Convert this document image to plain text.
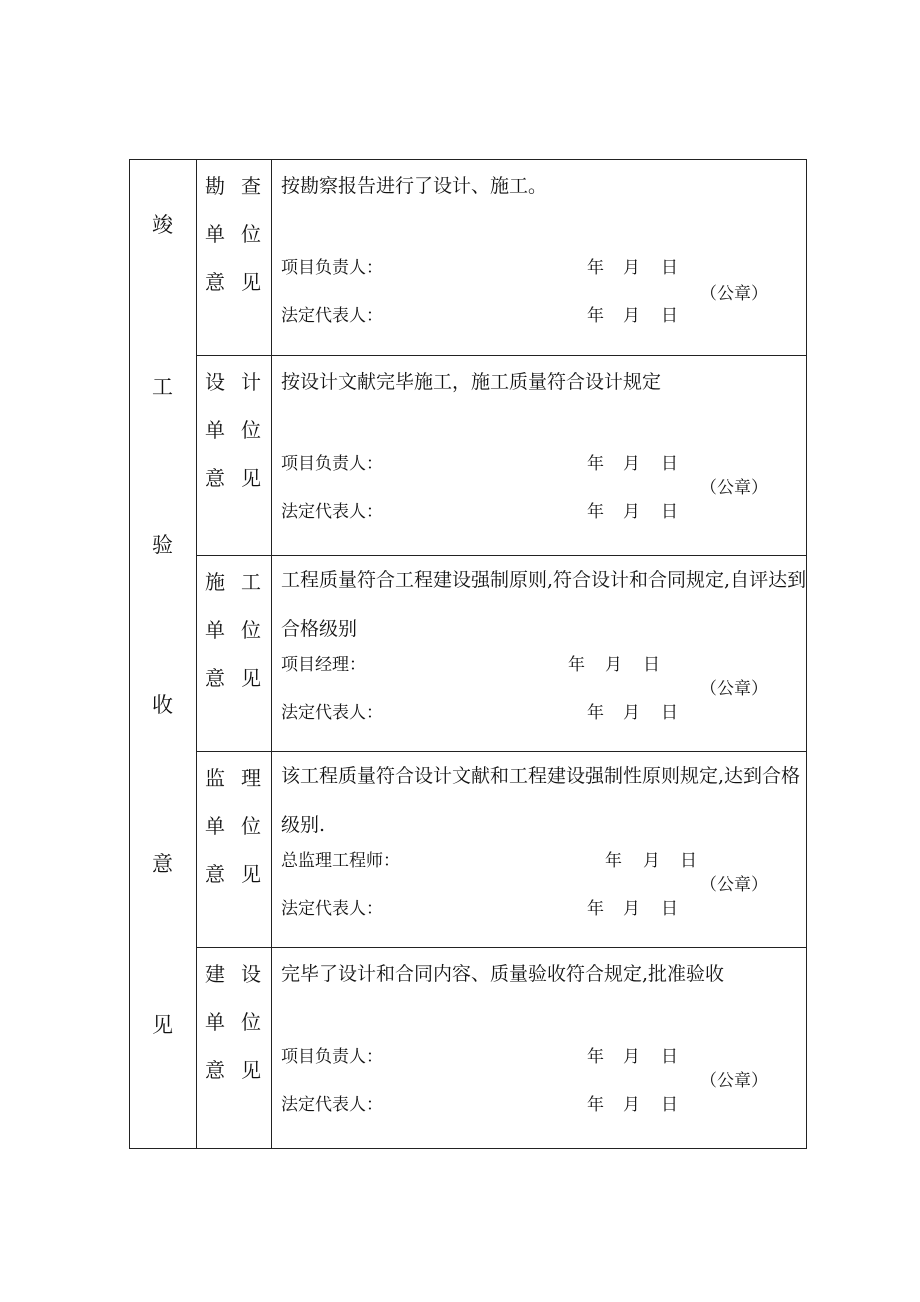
竣
工
验
收
意
见
勘 查
单 位
意 见
按勘察报告进行了设计、施工。
项目负责人：	年 月 日
法定代表人：	年 月 日
（公章）
设 计
单 位
意 见
按设计文献完毕施工，施工质量符合设计规定
项目负责人：	年 月 日
法定代表人：	年 月 日
（公章）
施 工
单 位
意 见
工程质量符合工程建设强制原则,符合设计和合同规定,自评达到
合格级别
项目经理：	年 月 日
法定代表人：	年 月 日
（公章）
监 理
单 位
意 见
该工程质量符合设计文献和工程建设强制性原则规定,达到合格
级别.
总监理工程师：	年 月 日
法定代表人：	年 月 日
（公章）
建 设
单 位
意 见
完毕了设计和合同内容、质量验收符合规定,批准验收
项目负责人：	年 月 日
法定代表人：	年 月 日
（公章）
